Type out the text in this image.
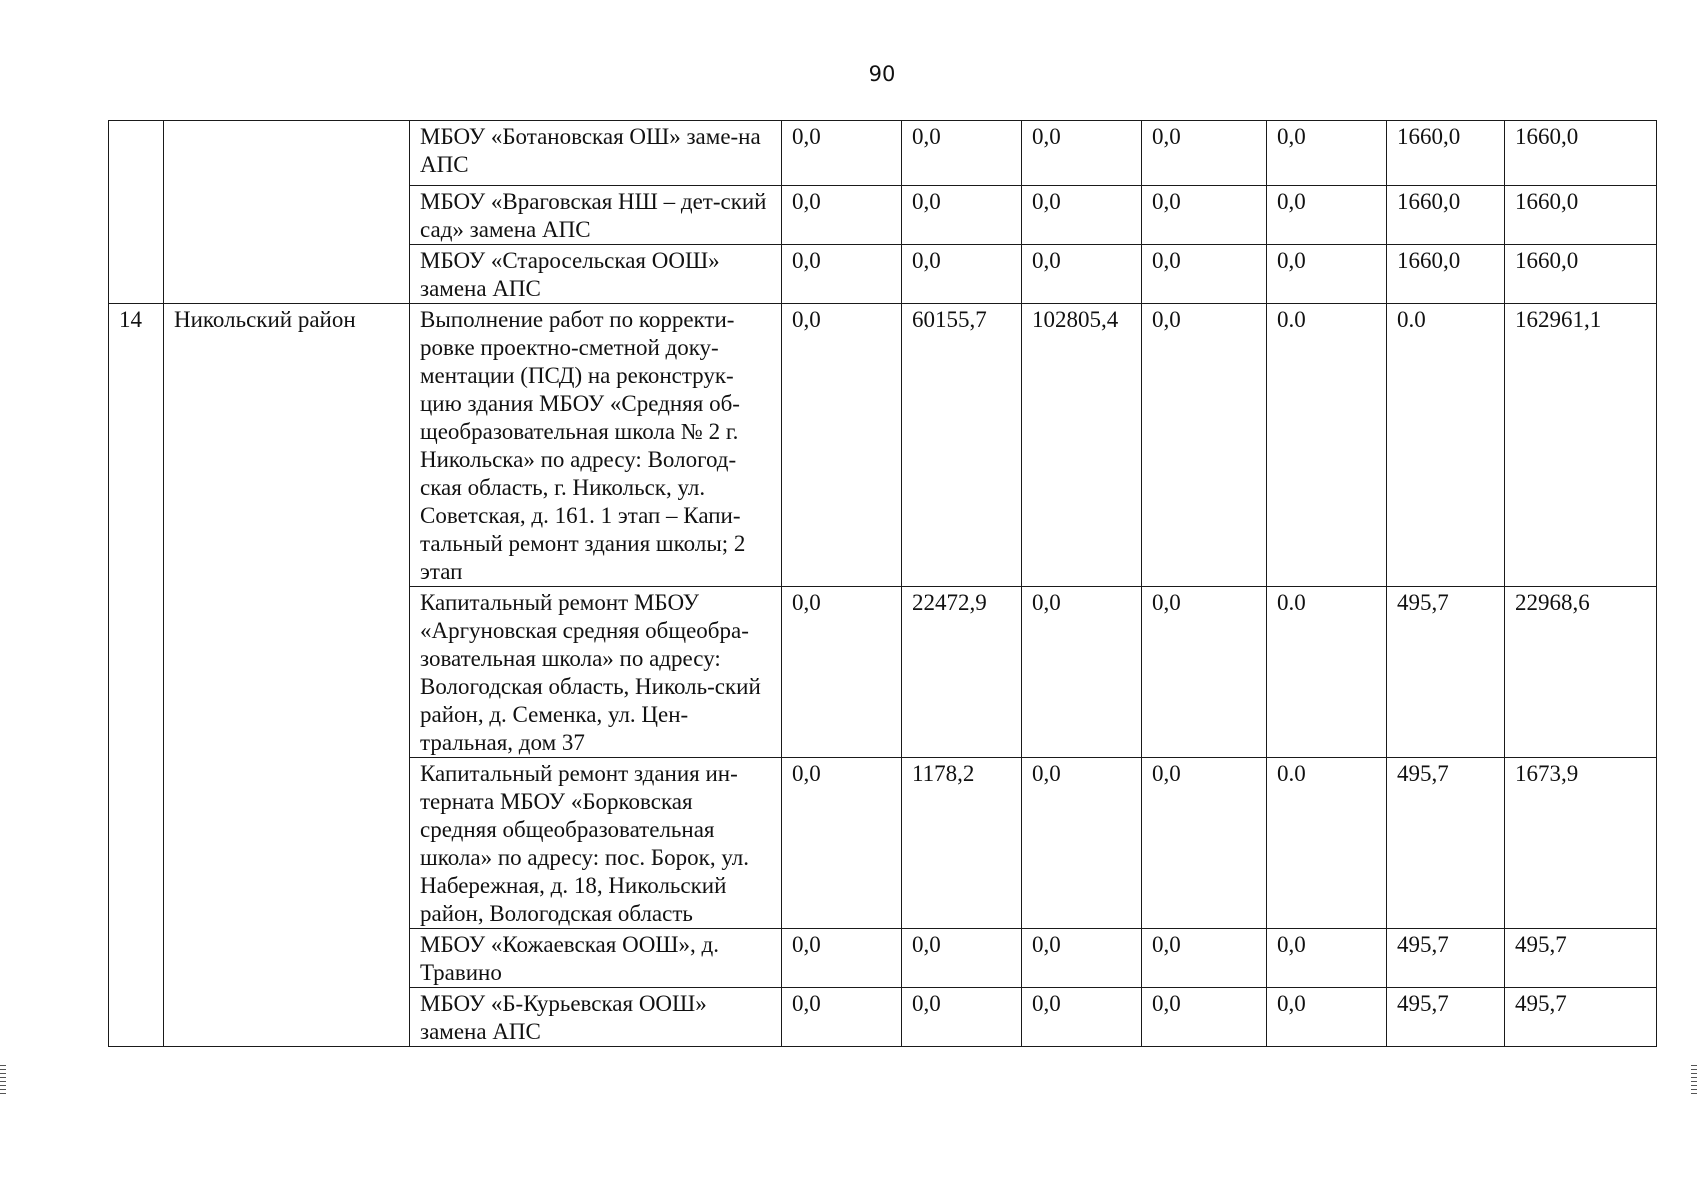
90
		МБОУ «Ботановская ОШ» заме-на АПС	0,0	0,0	0,0	0,0	0,0	1660,0	1660,0
		МБОУ «Враговская НШ – дет-ский сад» замена АПС	0,0	0,0	0,0	0,0	0,0	1660,0	1660,0
		МБОУ «Старосельская ООШ» замена АПС	0,0	0,0	0,0	0,0	0,0	1660,0	1660,0
14	Никольский район	Выполнение работ по корректи-ровке проектно-сметной доку-ментации (ПСД) на реконструк-цию здания МБОУ «Средняя об-щеобразовательная школа № 2 г. Никольска» по адресу: Вологод-ская область, г. Никольск, ул. Советская, д. 161. 1 этап – Капи-тальный ремонт здания школы; 2 этап	0,0	60155,7	102805,4	0,0	0.0	0.0	162961,1
		Капитальный ремонт МБОУ «Аргуновская средняя общеобра-зовательная школа» по адресу: Вологодская область, Николь-ский район, д. Семенка, ул. Цен-тральная, дом 37	0,0	22472,9	0,0	0,0	0.0	495,7	22968,6
		Капитальный ремонт здания ин-терната МБОУ «Борковская средняя общеобразовательная школа» по адресу: пос. Борок, ул. Набережная, д. 18, Никольский район, Вологодская область	0,0	1178,2	0,0	0,0	0.0	495,7	1673,9
		МБОУ «Кожаевская ООШ», д. Травино	0,0	0,0	0,0	0,0	0,0	495,7	495,7
		МБОУ «Б-Курьевская ООШ» замена АПС	0,0	0,0	0,0	0,0	0,0	495,7	495,7
